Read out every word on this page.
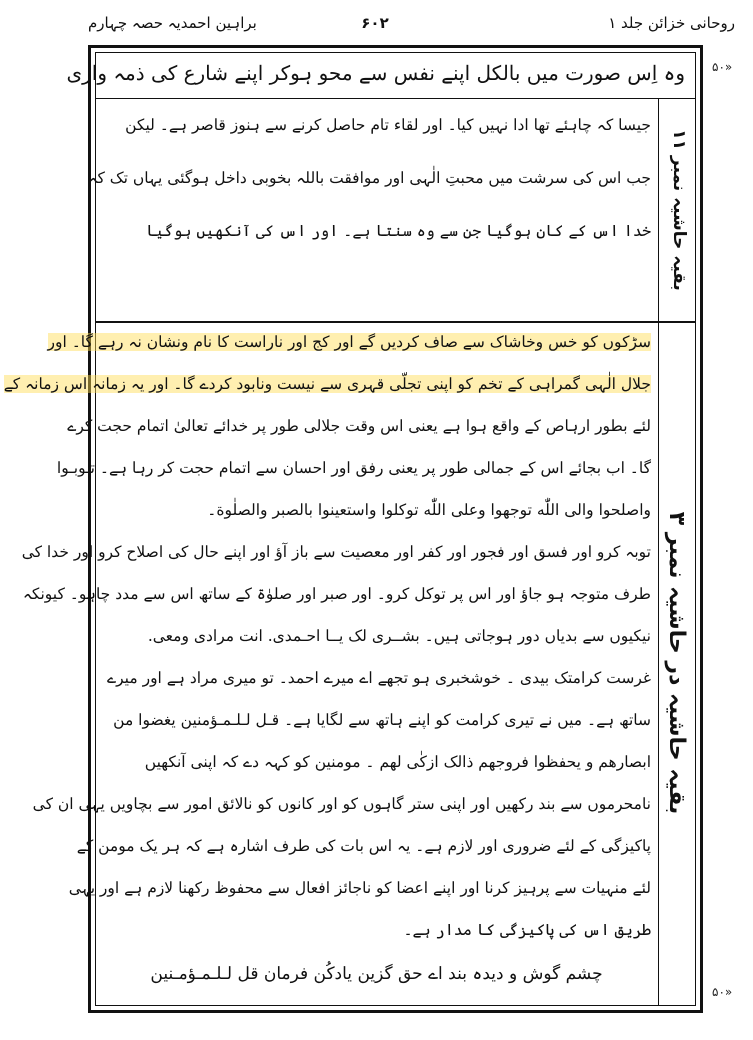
روحانی خزائن جلد ۱
۶۰۲
براہین احمدیہ حصہ چہارم
۵۰»
۵۰»
وہ اِس صورت میں بالکل اپنے نفس سے محو ہوکر اپنے شارع کی ذمہ واری
بقیہ حاشیہ نمبر ۱۱
جیسا کہ چاہئے تھا ادا نہیں کیا۔ اور لقاء تام حاصل کرنے سے ہنوز قاصر ہے۔ لیکن
جب اس کی سرشت میں محبتِ الٰہی اور موافقت باللہ بخوبی داخل ہوگئی یہاں تک کہ
خدا اس کے کان ہوگیا جن سے وہ سنتا ہے۔ اور اس کی آنکھیں ہوگیا
بقیہ حاشیہ در حاشیہ نمبر ۳
سڑکوں کو خس وخاشاک سے صاف کردیں گے اور کج اور ناراست کا نام ونشان نہ رہے گا۔ اور
جلال الٰہی گمراہی کے تخم کو اپنی تجلّی قہری سے نیست ونابود کردے گا۔ اور یہ زمانہ اس زمانہ کے
لئے بطور ارہاص کے واقع ہوا ہے یعنی اس وقت جلالی طور پر خدائے تعالیٰ اتمام حجت کرے
گا۔ اب بجائے اس کے جمالی طور پر یعنی رفق اور احسان سے اتمام حجت کر رہا ہے۔ تـوبـوا
واصلحوا والی اللّٰه توجهوا وعلی اللّٰه توکلوا واستعینوا بالصبر والصلٰوة۔
توبہ کرو اور فسق اور فجور اور کفر اور معصیت سے باز آؤ اور اپنے حال کی اصلاح کرو اور خدا کی
طرف متوجہ ہو جاؤ اور اس پر توکل کرو۔ اور صبر اور صلوٰۃ کے ساتھ اس سے مدد چاہو۔ کیونکہ
نیکیوں سے بدیاں دور ہوجاتی ہیں۔ بشــری لک یــا احـمدی. انت مرادی ومعی.
غرست کرامتک بیدی ۔ خوشخبری ہو تجھے اے میرے احمد۔ تو میری مراد ہے اور میرے
ساتھ ہے۔ میں نے تیری کرامت کو اپنے ہاتھ سے لگایا ہے۔ قـل لـلـمـؤمنین یغضوا من
ابصارهم و یحفظوا فروجهم ذالک ازکٰی لهم ۔ مومنین کو کہہ دے کہ اپنی آنکھیں
نامحرموں سے بند رکھیں اور اپنی ستر گاہوں کو اور کانوں کو نالائق امور سے بچاویں یہی ان کی
پاکیزگی کے لئے ضروری اور لازم ہے۔ یہ اس بات کی طرف اشارہ ہے کہ ہر یک مومن کے
لئے منہیات سے پرہیز کرنا اور اپنے اعضا کو ناجائز افعال سے محفوظ رکھنا لازم ہے اور یہی
طریق اس کی پاکیزگی کا مدار ہے۔
چشم گوش و دیدہ بند اے حق گزین یادکُن فرمان قل لـلـمـؤمـنین
